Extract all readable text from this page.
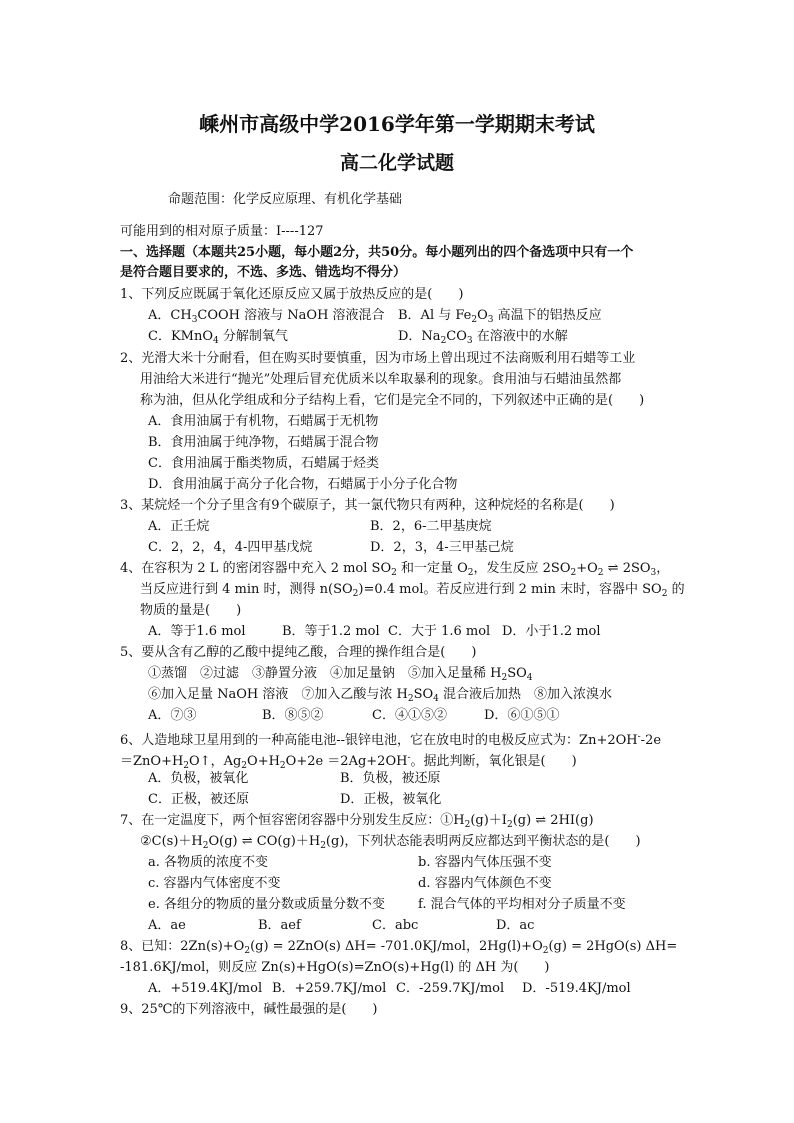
嵊州市高级中学2016学年第一学期期末考试
高二化学试题
命题范围：化学反应原理、有机化学基础
可能用到的相对原子质量：I----127
一、选择题（本题共25小题，每小题2分，共50分。每小题列出的四个备选项中只有一个
是符合题目要求的，不选、多选、错选均不得分）
1、下列反应既属于氧化还原反应又属于放热反应的是(　　)
A．$CH_3COOH$ 溶液与 NaOH 溶液混合 B．Al 与 $Fe_2O_3$ 高温下的铝热反应
C．KMnO$_4$ 分解制氧气	D．$Na_2CO_3$ 在溶液中的水解
2、光滑大米十分耐看，但在购买时要慎重，因为市场上曾出现过不法商贩利用石蜡等工业
用油给大米进行“抛光”处理后冒充优质米以牟取暴利的现象。食用油与石蜡油虽然都
称为油，但从化学组成和分子结构上看，它们是完全不同的，下列叙述中正确的是(　　)
A．食用油属于有机物，石蜡属于无机物
B．食用油属于纯净物，石蜡属于混合物
C．食用油属于酯类物质，石蜡属于烃类
D．食用油属于高分子化合物，石蜡属于小分子化合物
3、某烷烃一个分子里含有9个碳原子，其一氯代物只有两种，这种烷烃的名称是(　　)
A．正壬烷	B．2，6-二甲基庚烷
C．2，2，4，4-四甲基戊烷	D．2，3，4-三甲基己烷
4、在容积为 2 L 的密闭容器中充入 2 mol $SO_2$ 和一定量 $O_2$，发生反应 $2SO_2+O_2$ ⇌ $2SO_3$，
当反应进行到 4 min 时，测得 $n(SO_2)=0.4$ mol。若反应进行到 2 min 末时，容器中 $SO_2$ 的
物质的量是(　　)
A．等于1.6 mol	B．等于1.2 mol C．大于 1.6 mol D．小于1.2 mol
5、要从含有乙醇的乙酸中提纯乙酸，合理的操作组合是(　　)
①蒸馏　②过滤　③静置分液　④加足量钠　⑤加入足量稀 $H_2SO_4$
⑥加入足量 NaOH 溶液　⑦加入乙酸与浓 $H_2SO_4$ 混合液后加热　⑧加入浓溴水
A．⑦③	B．⑧⑤②	C．④①⑤②	D．⑥①⑤①
6、人造地球卫星用到的一种高能电池--银锌电池，它在放电时的电极反应式为：Zn+2OH--2e
$=ZnO+H_2O↑$，$Ag_2O+H_2O+2e =2Ag+2OH^-$。据此判断，氧化银是(　　)
A．负极，被氧化	B．负极，被还原
C．正极，被还原	D．正极，被氧化
7、在一定温度下，两个恒容密闭容器中分别发生反应：$①H_2(g)+I_2(g)$ ⇌ 2HI(g)
$②C(s)+H_2O(g)$ ⇌ $CO(g)+H_2(g)$，下列状态能表明两反应都达到平衡状态的是(　　)
a. 各物质的浓度不变	b. 容器内气体压强不变
c. 容器内气体密度不变	d. 容器内气体颜色不变
e. 各组分的物质的量分数或质量分数不变	f. 混合气体的平均相对分子质量不变
A．ae	B．aef	C．abc	D．ac
8、已知：$2Zn(s)+O_2(g) = 2ZnO(s)$ ΔH= -701.0KJ/mol，$2Hg(l)+O_2(g) = 2HgO(s)$ ΔH=
-181.6KJ/mol，则反应 Zn(s)+HgO(s)=ZnO(s)+Hg(l) 的 ΔH 为(　　)
A．+519.4KJ/mol B．+259.7KJ/mol C．-259.7KJ/mol D．-519.4KJ/mol
9、25℃的下列溶液中，碱性最强的是(　　)
